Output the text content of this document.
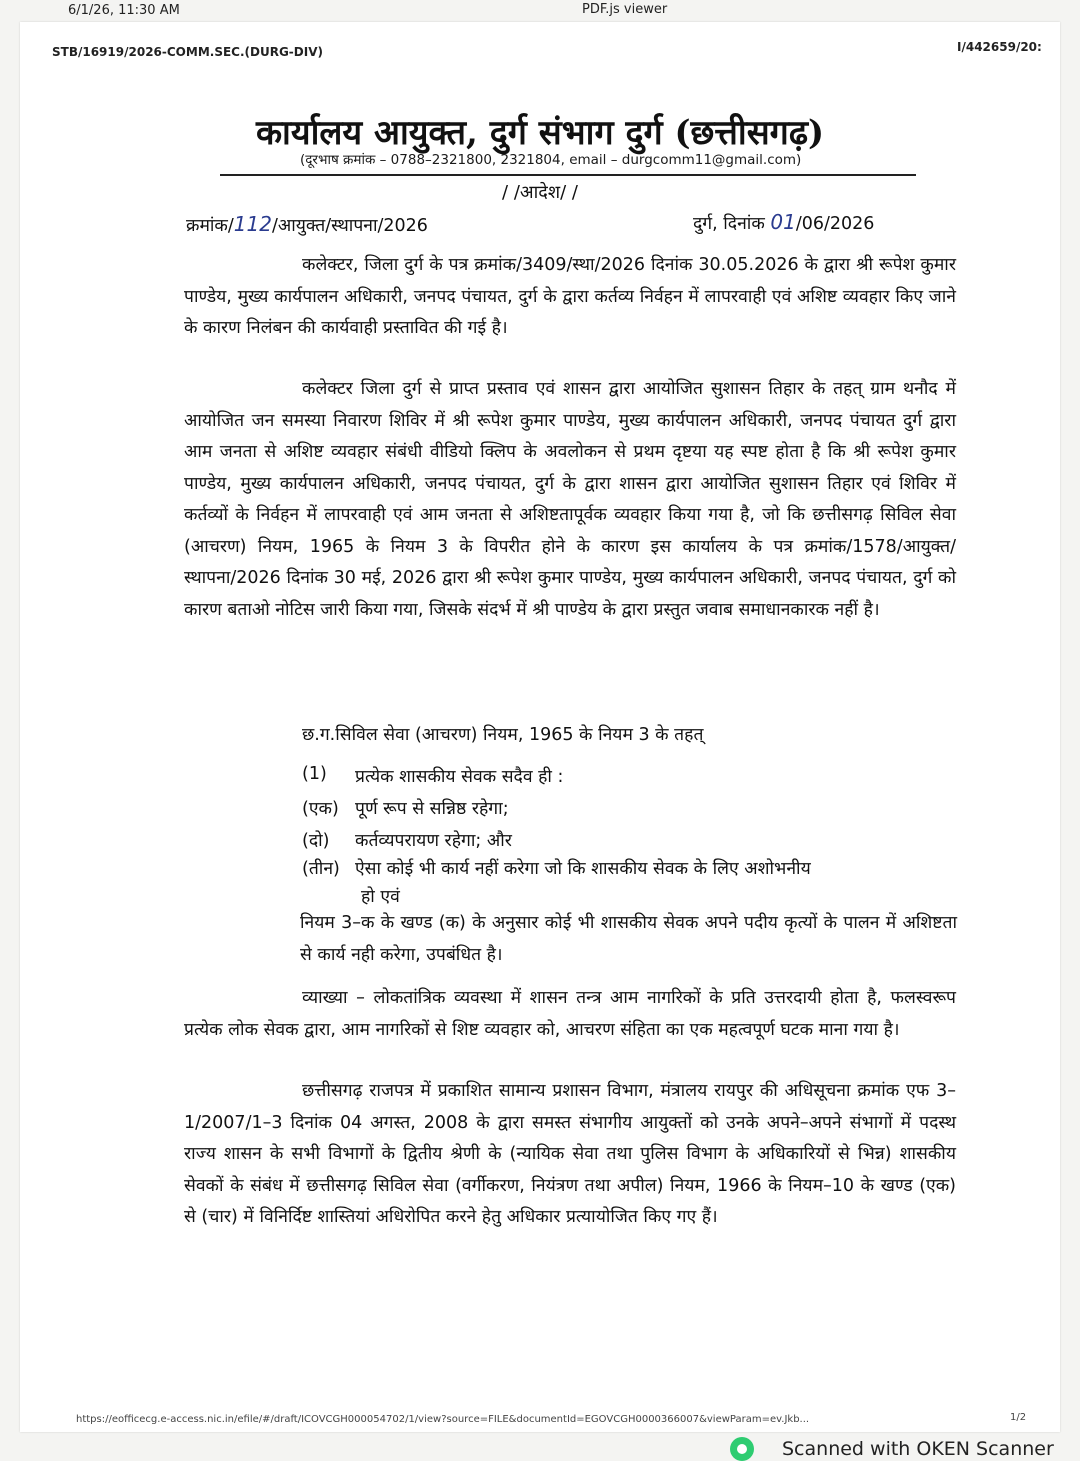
6/1/26, 11:30 AM	PDF.js viewer
STB/16919/2026-COMM.SEC.(DURG-DIV)	I/442659/20:
कार्यालय आयुक्त, दुर्ग संभाग दुर्ग (छत्तीसगढ़)
(दूरभाष क्रमांक – 0788–2321800, 2321804, email – durgcomm11@gmail.com)
/ /आदेश/ /
क्रमांक/112/आयुक्त/स्थापना/2026	दुर्ग, दिनांक 01/06/2026

कलेक्टर, जिला दुर्ग के पत्र क्रमांक/3409/स्था/2026 दिनांक 30.05.2026 के द्वारा श्री रूपेश कुमार पाण्डेय, मुख्य कार्यपालन अधिकारी, जनपद पंचायत, दुर्ग के द्वारा कर्तव्य निर्वहन में लापरवाही एवं अशिष्ट व्यवहार किए जाने के कारण निलंबन की कार्यवाही प्रस्तावित की गई है।

कलेक्टर जिला दुर्ग से प्राप्त प्रस्ताव एवं शासन द्वारा आयोजित सुशासन तिहार के तहत् ग्राम थनौद में आयोजित जन समस्या निवारण शिविर में श्री रूपेश कुमार पाण्डेय, मुख्य कार्यपालन अधिकारी, जनपद पंचायत दुर्ग द्वारा आम जनता से अशिष्ट व्यवहार संबंधी वीडियो क्लिप के अवलोकन से प्रथम दृष्टया यह स्पष्ट होता है कि श्री रूपेश कुमार पाण्डेय, मुख्य कार्यपालन अधिकारी, जनपद पंचायत, दुर्ग के द्वारा शासन द्वारा आयोजित सुशासन तिहार एवं शिविर में कर्तव्यों के निर्वहन में लापरवाही एवं आम जनता से अशिष्टतापूर्वक व्यवहार किया गया है, जो कि छत्तीसगढ़ सिविल सेवा (आचरण) नियम, 1965 के नियम 3 के विपरीत होने के कारण इस कार्यालय के पत्र क्रमांक/1578/आयुक्त/स्थापना/2026 दिनांक 30 मई, 2026 द्वारा श्री रूपेश कुमार पाण्डेय, मुख्य कार्यपालन अधिकारी, जनपद पंचायत, दुर्ग को कारण बताओ नोटिस जारी किया गया, जिसके संदर्भ में श्री पाण्डेय के द्वारा प्रस्तुत जवाब समाधानकारक नहीं है।

छ.ग.सिविल सेवा (आचरण) नियम, 1965 के नियम 3 के तहत्
(1) प्रत्येक शासकीय सेवक सदैव ही :
(एक) पूर्ण रूप से सन्निष्ठ रहेगा;
(दो) कर्तव्यपरायण रहेगा; और
(तीन) ऐसा कोई भी कार्य नहीं करेगा जो कि शासकीय सेवक के लिए अशोभनीय
हो एवं

नियम 3–क के खण्ड (क) के अनुसार कोई भी शासकीय सेवक अपने पदीय कृत्यों के पालन में अशिष्टता से कार्य नही करेगा, उपबंधित है।

व्याख्या – लोकतांत्रिक व्यवस्था में शासन तन्त्र आम नागरिकों के प्रति उत्तरदायी होता है, फलस्वरूप प्रत्येक लोक सेवक द्वारा, आम नागरिकों से शिष्ट व्यवहार को, आचरण संहिता का एक महत्वपूर्ण घटक माना गया है।

छत्तीसगढ़ राजपत्र में प्रकाशित सामान्य प्रशासन विभाग, मंत्रालय रायपुर की अधिसूचना क्रमांक एफ 3–1/2007/1–3 दिनांक 04 अगस्त, 2008 के द्वारा समस्त संभागीय आयुक्तों को उनके अपने–अपने संभागों में पदस्थ राज्य शासन के सभी विभागों के द्वितीय श्रेणी के (न्यायिक सेवा तथा पुलिस विभाग के अधिकारियों से भिन्न) शासकीय सेवकों के संबंध में छत्तीसगढ़ सिविल सेवा (वर्गीकरण, नियंत्रण तथा अपील) नियम, 1966 के नियम–10 के खण्ड (एक) से (चार) में विनिर्दिष्ट शास्तियां अधिरोपित करने हेतु अधिकार प्रत्यायोजित किए गए हैं।

https://eofficecg.e-access.nic.in/efile/#/draft/ICOVCGH000054702/1/view?source=FILE&documentId=EGOVCGH0000366007&viewParam=ev.Jkb...	1/2
Scanned with OKEN Scanner
